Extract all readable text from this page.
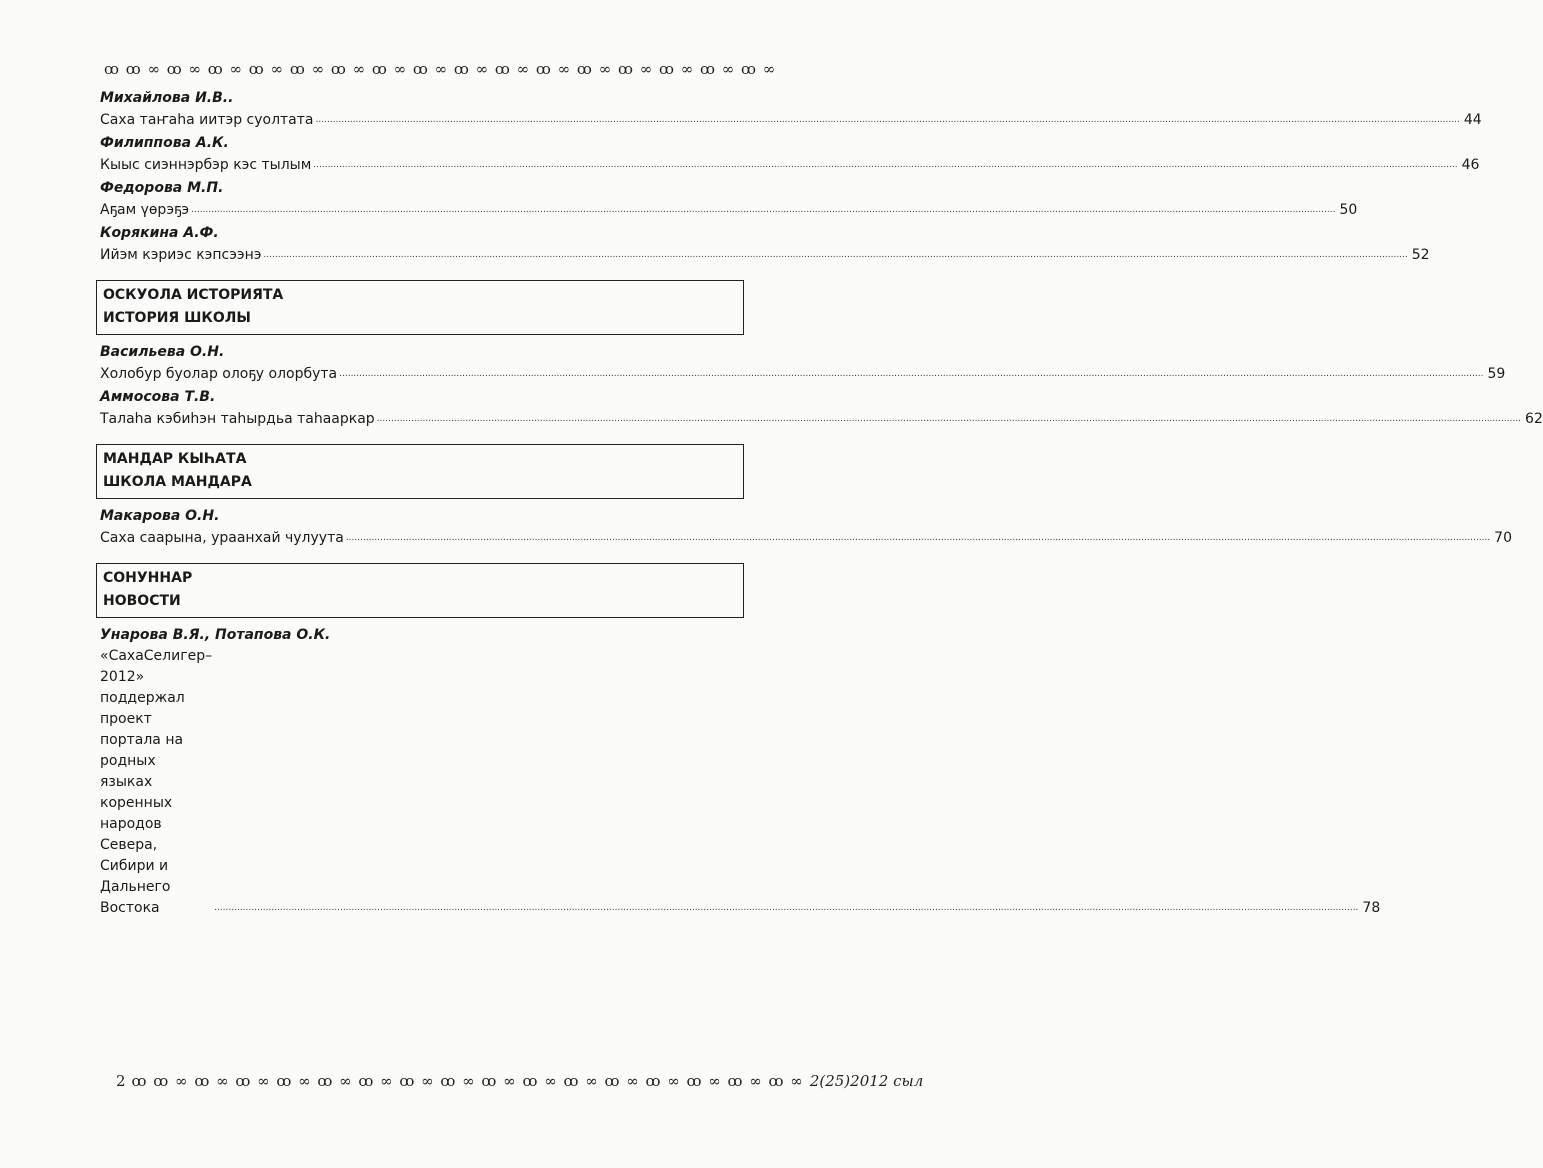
ꝏ ꝏ ∞ ꝏ ∞ ꝏ ∞ ꝏ ∞ ꝏ ∞ ꝏ ∞ ꝏ ∞ ꝏ ∞ ꝏ ∞ ꝏ ∞ ꝏ ∞ ꝏ ∞ ꝏ ∞ ꝏ ∞ ꝏ ∞ ꝏ ∞
Михайлова И.В..
Саха таҥаһа иитэр суолтата ................................................................................................................................................................................................................................................................................................................................................................................................................ 44
Филиппова А.К.
Кыыс сиэннэрбэр кэс тылым ................................................................................................................................................................................................................................................................................................................................................................................................................ 46
Федорова М.П.
Аҕам үөрэҕэ ................................................................................................................................................................................................................................................................................................................................................................................................................ 50
Корякина А.Ф.
Ийэм кэриэс кэпсээнэ ................................................................................................................................................................................................................................................................................................................................................................................................................ 52
ОСКУОЛА ИСТОРИЯТА
ИСТОРИЯ ШКОЛЫ
Васильева О.Н.
Холобур буолар олоҕу олорбута ................................................................................................................................................................................................................................................................................................................................................................................................................ 59
Аммосова Т.В.
Талаһа кэбиһэн таһырдьа таһааркар ................................................................................................................................................................................................................................................................................................................................................................................................................ 62
МАНДАР КЫҺАТА
ШКОЛА МАНДАРА
Макарова О.Н.
Саха саарына, ураанхай чулуута ................................................................................................................................................................................................................................................................................................................................................................................................................ 70
СОНУННАР
НОВОСТИ
Унарова В.Я., Потапова О.К.
«СахаСелигер–2012» поддержал проект портала на родных языках коренных
народов Севера, Сибири и Дальнего Востока	................................................................................................................................................................................................................................................................................................................................................................................................................ 78
2 ꝏ ꝏ ∞ ꝏ ∞ ꝏ ∞ ꝏ ∞ ꝏ ∞ ꝏ ∞ ꝏ ∞ ꝏ ∞ ꝏ ∞ ꝏ ∞ ꝏ ∞ ꝏ ∞ ꝏ ∞ ꝏ ∞ ꝏ ∞ ꝏ ∞ 2(25)2012 сыл
